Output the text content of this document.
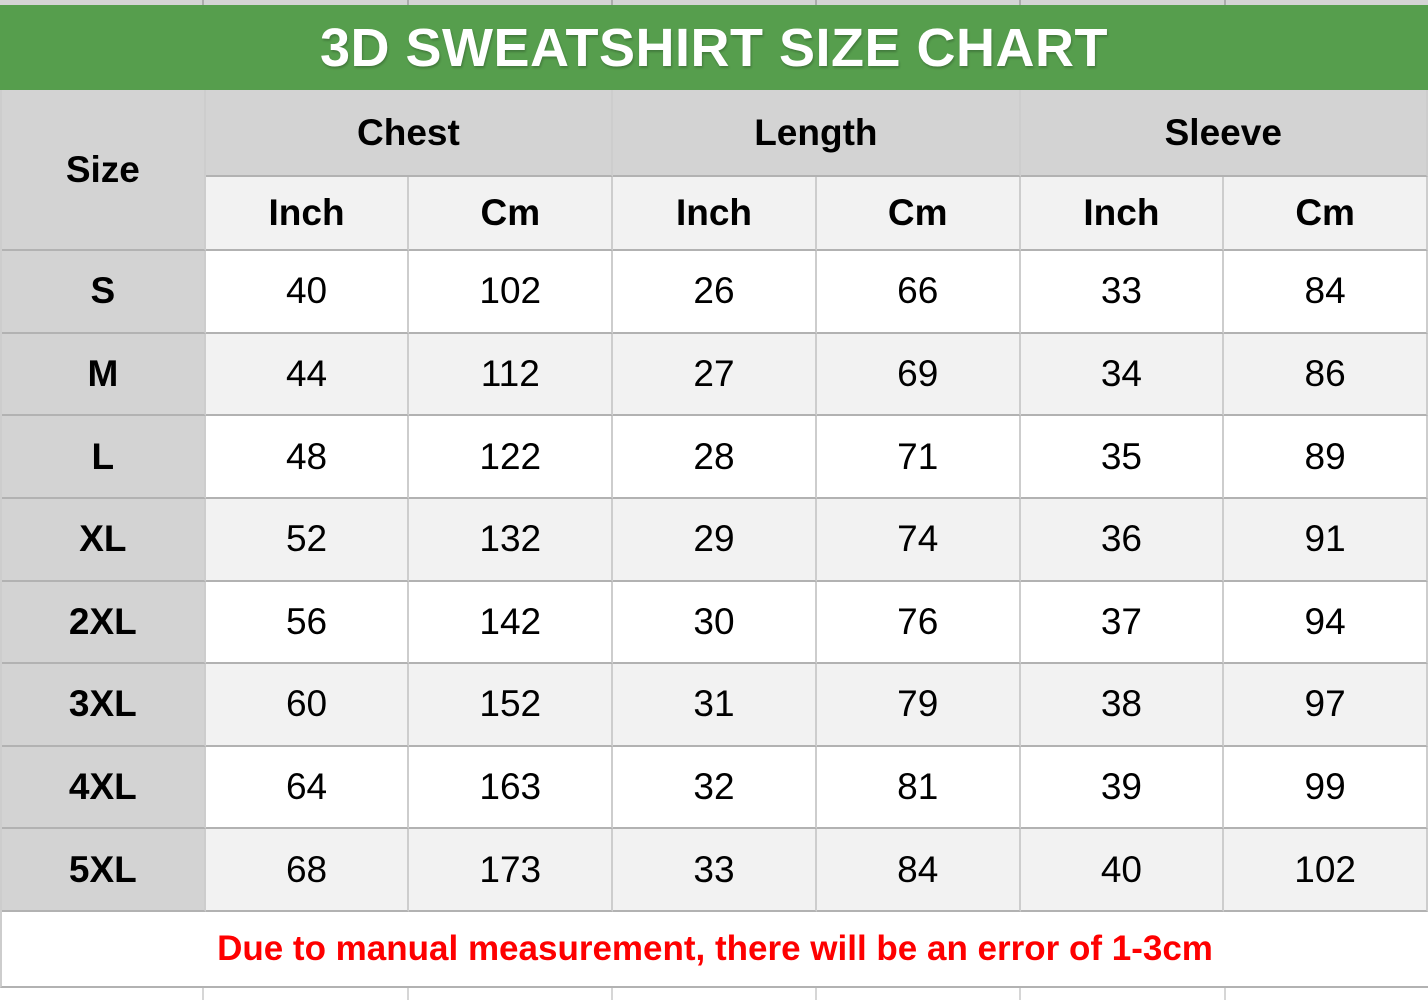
3D SWEATSHIRT SIZE CHART
Size
Chest	Length	Sleeve
Inch	Cm	Inch	Cm	Inch	Cm
S	40	102	26	66	33	84
M	44	112	27	69	34	86
L	48	122	28	71	35	89
XL	52	132	29	74	36	91
2XL	56	142	30	76	37	94
3XL	60	152	31	79	38	97
4XL	64	163	32	81	39	99
5XL	68	173	33	84	40	102
Due to manual measurement, there will be an error of 1-3cm
